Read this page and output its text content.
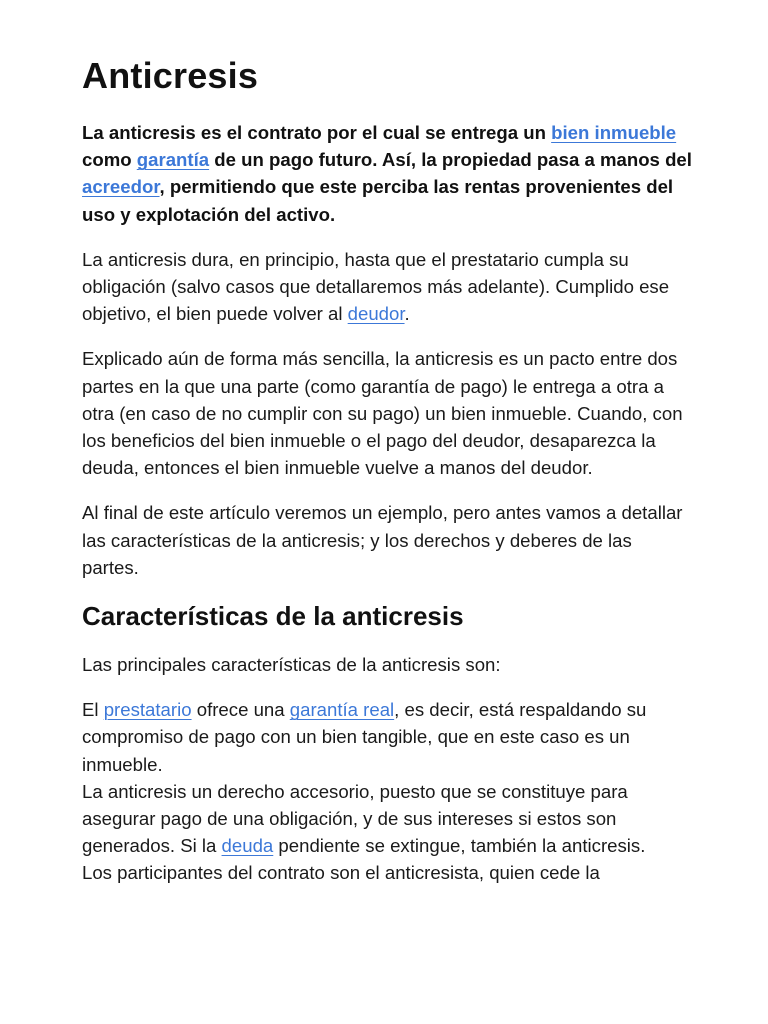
Anticresis

La anticresis es el contrato por el cual se entrega un bien inmueble como garantía de un pago futuro. Así, la propiedad pasa a manos del acreedor, permitiendo que este perciba las rentas provenientes del uso y explotación del activo.

La anticresis dura, en principio, hasta que el prestatario cumpla su obligación (salvo casos que detallaremos más adelante). Cumplido ese objetivo, el bien puede volver al deudor.

Explicado aún de forma más sencilla, la anticresis es un pacto entre dos partes en la que una parte (como garantía de pago) le entrega a otra a otra (en caso de no cumplir con su pago) un bien inmueble. Cuando, con los beneficios del bien inmueble o el pago del deudor, desaparezca la deuda, entonces el bien inmueble vuelve a manos del deudor.

Al final de este artículo veremos un ejemplo, pero antes vamos a detallar las características de la anticresis; y los derechos y deberes de las partes.

Características de la anticresis

Las principales características de la anticresis son:

El prestatario ofrece una garantía real, es decir, está respaldando su compromiso de pago con un bien tangible, que en este caso es un inmueble.

La anticresis un derecho accesorio, puesto que se constituye para asegurar pago de una obligación, y de sus intereses si estos son generados. Si la deuda pendiente se extingue, también la anticresis.

Los participantes del contrato son el anticresista, quien cede la
